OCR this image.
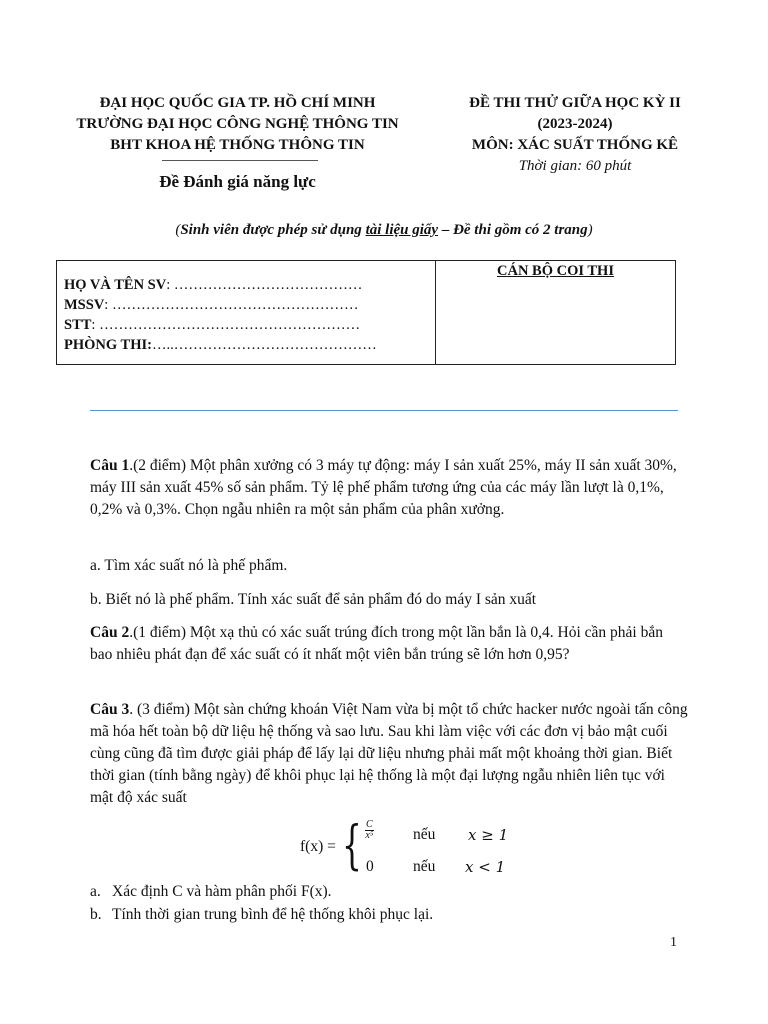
ĐẠI HỌC QUỐC GIA TP. HỒ CHÍ MINH
TRƯỜNG ĐẠI HỌC CÔNG NGHỆ THÔNG TIN
BHT KHOA HỆ THỐNG THÔNG TIN
Đề Đánh giá năng lực
ĐỀ THI THỬ GIỮA HỌC KỲ II
(2023-2024)
MÔN: XÁC SUẤT THỐNG KÊ
Thời gian: 60 phút
(Sinh viên được phép sử dụng tài liệu giấy – Đề thi gồm có 2 trang)
HỌ VÀ TÊN SV: …………………………………
MSSV: ……………………………………………
STT: ………………………………………………
PHÒNG THI:…..……………………………………
CÁN BỘ COI THI
Câu 1.(2 điểm) Một phân xưởng có 3 máy tự động: máy I sản xuất 25%, máy II sản xuất 30%, máy III sản xuất 45% số sản phẩm. Tỷ lệ phế phẩm tương ứng của các máy lần lượt là 0,1%, 0,2% và 0,3%. Chọn ngẫu nhiên ra một sản phẩm của phân xưởng.
a. Tìm xác suất nó là phế phẩm.
b. Biết nó là phế phẩm. Tính xác suất để sản phẩm đó do máy I sản xuất
Câu 2.(1 điểm) Một xạ thủ có xác suất trúng đích trong một lần bắn là 0,4. Hỏi cần phải bắn bao nhiêu phát đạn để xác suất có ít nhất một viên bắn trúng sẽ lớn hơn 0,95?
Câu 3. (3 điểm) Một sàn chứng khoán Việt Nam vừa bị một tổ chức hacker nước ngoài tấn công mã hóa hết toàn bộ dữ liệu hệ thống và sao lưu. Sau khi làm việc với các đơn vị bảo mật cuối cùng cũng đã tìm được giải pháp để lấy lại dữ liệu nhưng phải mất một khoảng thời gian. Biết thời gian (tính bằng ngày) để khôi phục lại hệ thống là một đại lượng ngẫu nhiên liên tục với mật độ xác suất
f(x) = { $\frac{C}{\text{x⁵}}$
0
nếu
nếu
x ≥ 1
x < 1
a. Xác định C và hàm phân phối F(x).
b. Tính thời gian trung bình để hệ thống khôi phục lại.
1
